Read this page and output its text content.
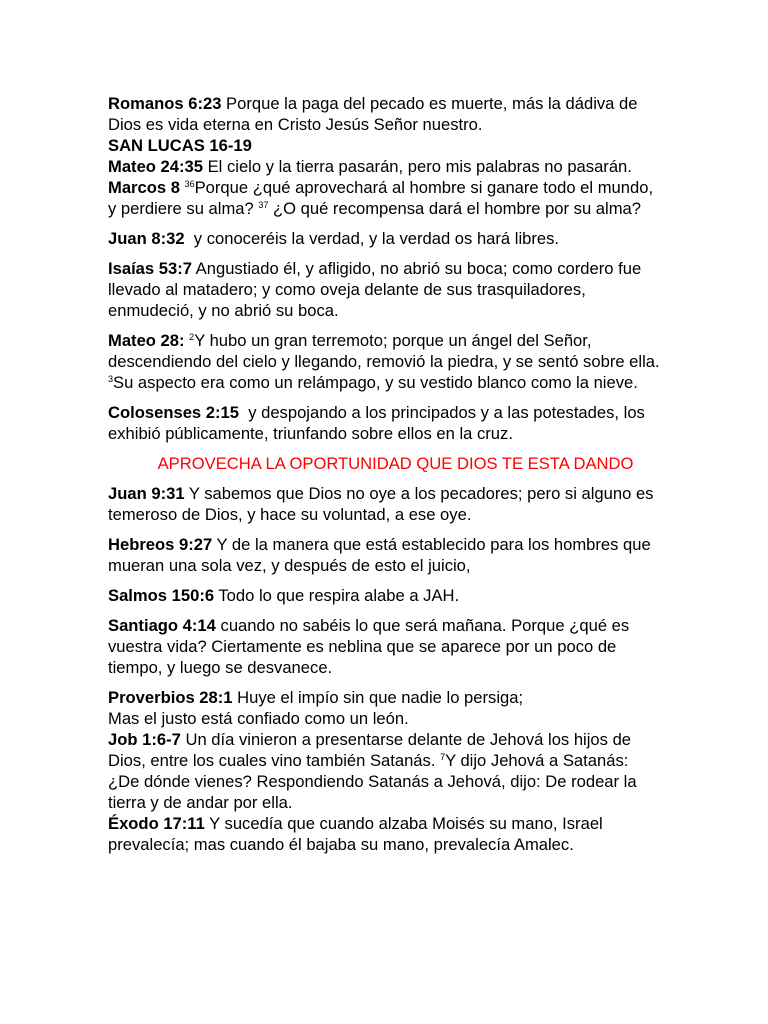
Romanos 6:23 Porque la paga del pecado es muerte, más la dádiva de Dios es vida eterna en Cristo Jesús Señor nuestro.

SAN LUCAS 16-19

Mateo 24:35 El cielo y la tierra pasarán, pero mis palabras no pasarán.

Marcos 8 $^{36}$Porque ¿qué aprovechará al hombre si ganare todo el mundo, y perdiere su alma? $^{37}$ ¿O qué recompensa dará el hombre por su alma?

Juan 8:32  y conoceréis la verdad, y la verdad os hará libres.

Isaías 53:7 Angustiado él, y afligido, no abrió su boca; como cordero fue llevado al matadero; y como oveja delante de sus trasquiladores, enmudeció, y no abrió su boca.

Mateo 28: $^2$Y hubo un gran terremoto; porque un ángel del Señor, descendiendo del cielo y llegando, removió la piedra, y se sentó sobre ella. $^3$Su aspecto era como un relámpago, y su vestido blanco como la nieve.

Colosenses 2:15  y despojando a los principados y a las potestades, los exhibió públicamente, triunfando sobre ellos en la cruz.

APROVECHA LA OPORTUNIDAD QUE DIOS TE ESTA DANDO

Juan 9:31 Y sabemos que Dios no oye a los pecadores; pero si alguno es temeroso de Dios, y hace su voluntad, a ese oye.

Hebreos 9:27 Y de la manera que está establecido para los hombres que mueran una sola vez, y después de esto el juicio,

Salmos 150:6 Todo lo que respira alabe a JAH.

Santiago 4:14 cuando no sabéis lo que será mañana. Porque ¿qué es vuestra vida? Ciertamente es neblina que se aparece por un poco de tiempo, y luego se desvanece.

Proverbios 28:1 Huye el impío sin que nadie lo persiga;
Mas el justo está confiado como un león.

Job 1:6-7 Un día vinieron a presentarse delante de Jehová los hijos de Dios, entre los cuales vino también Satanás. $^7$Y dijo Jehová a Satanás: ¿De dónde vienes? Respondiendo Satanás a Jehová, dijo: De rodear la tierra y de andar por ella.

Éxodo 17:11 Y sucedía que cuando alzaba Moisés su mano, Israel prevalecía; mas cuando él bajaba su mano, prevalecía Amalec.
